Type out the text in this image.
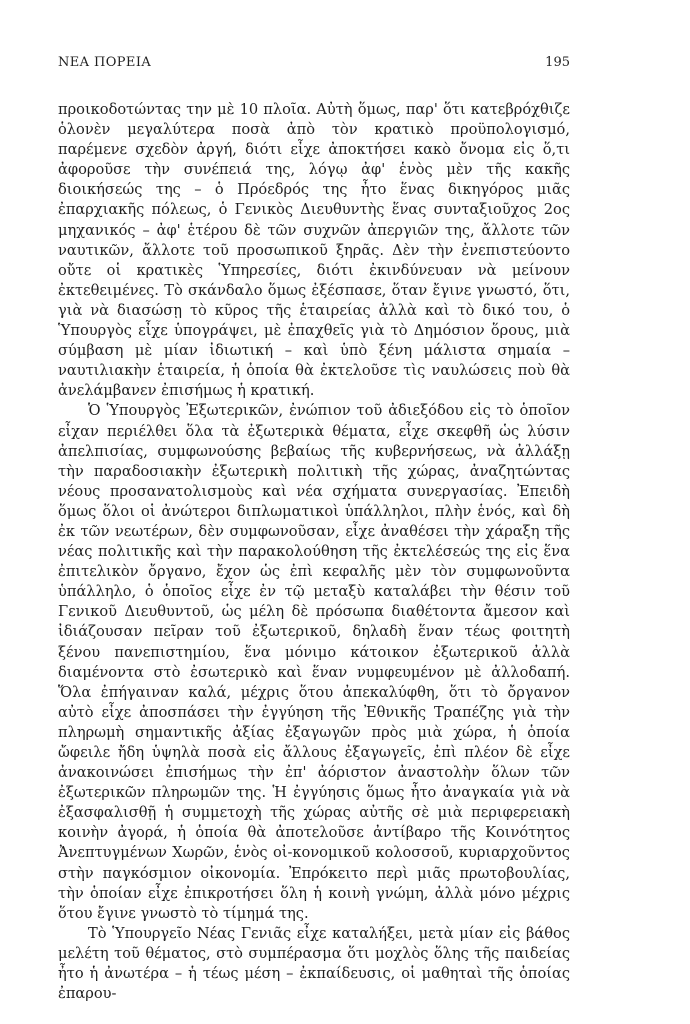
ΝΕΑ ΠΟΡΕΙΑ	195

προικοδοτώντας την μὲ 10 πλοῖα. Αὐτὴ ὅμως, παρ' ὅτι κατεβρόχθιζε ὁλονὲν μεγαλύτερα ποσὰ ἀπὸ τὸν κρατικὸ προϋπολογισμό, παρέμενε σχεδὸν ἀργή, διότι εἶχε ἀποκτήσει κακὸ ὄνομα εἰς ὅ,τι ἀφοροῦσε τὴν συνέπειά της, λόγῳ ἀφ' ἑνὸς μὲν τῆς κακῆς διοικήσεώς της – ὁ Πρόεδρός της ἦτο ἕνας δικηγόρος μιᾶς ἐπαρχιακῆς πόλεως, ὁ Γενικὸς Διευθυντὴς ἕνας συνταξιοῦχος 2ος μηχανικός – ἀφ' ἑτέρου δὲ τῶν συχνῶν ἀπεργιῶν της, ἄλλοτε τῶν ναυτικῶν, ἄλλοτε τοῦ προσωπικοῦ ξηρᾶς. Δὲν τὴν ἐνεπιστεύοντο οὔτε οἱ κρατικὲς Ὑπηρεσίες, διότι ἐκινδύνευαν νὰ μείνουν ἐκτεθειμένες. Τὸ σκάνδαλο ὅμως ἐξέσπασε, ὅταν ἔγινε γνωστό, ὅτι, γιὰ νὰ διασώσῃ τὸ κῦρος τῆς ἑταιρείας ἀλλὰ καὶ τὸ δικό του, ὁ Ὑπουργὸς εἶχε ὑπογράψει, μὲ ἐπαχθεῖς γιὰ τὸ Δημόσιον ὅρους, μιὰ σύμβαση μὲ μίαν ἰδιωτική – καὶ ὑπὸ ξένη μάλιστα σημαία – ναυτιλιακὴν ἑταιρεία, ἡ ὁποία θὰ ἐκτελοῦσε τὶς ναυλώσεις ποὺ θὰ ἀνελάμβανεν ἐπισήμως ἡ κρατική.

Ὁ Ὑπουργὸς Ἐξωτερικῶν, ἐνώπιον τοῦ ἀδιεξόδου εἰς τὸ ὁποῖον εἶχαν περιέλθει ὅλα τὰ ἐξωτερικὰ θέματα, εἶχε σκεφθῆ ὡς λύσιν ἀπελπισίας, συμφωνούσης βεβαίως τῆς κυβερνήσεως, νὰ ἀλλάξῃ τὴν παραδοσιακὴν ἐξωτερικὴ πολιτικὴ τῆς χώρας, ἀναζητώντας νέους προσανατολισμοὺς καὶ νέα σχήματα συνεργασίας. Ἐπειδὴ ὅμως ὅλοι οἱ ἀνώτεροι διπλωματικοὶ ὑπάλληλοι, πλὴν ἑνός, καὶ δὴ ἐκ τῶν νεωτέρων, δὲν συμφωνοῦσαν, εἶχε ἀναθέσει τὴν χάραξη τῆς νέας πολιτικῆς καὶ τὴν παρακολούθηση τῆς ἐκτελέσεώς της εἰς ἕνα ἐπιτελικὸν ὄργανο, ἔχον ὡς ἐπὶ κεφαλῆς μὲν τὸν συμφωνοῦντα ὑπάλληλο, ὁ ὁποῖος εἶχε ἐν τῷ μεταξὺ καταλάβει τὴν θέσιν τοῦ Γενικοῦ Διευθυντοῦ, ὡς μέλη δὲ πρόσωπα διαθέτοντα ἄμεσον καὶ ἰδιάζουσαν πεῖραν τοῦ ἐξωτερικοῦ, δηλαδὴ ἕναν τέως φοιτητὴ ξένου πανεπιστημίου, ἕνα μόνιμο κάτοικον ἐξωτερικοῦ ἀλλὰ διαμένοντα στὸ ἐσωτερικὸ καὶ ἕναν νυμφευμένον μὲ ἀλλοδαπή. Ὅλα ἐπήγαιναν καλά, μέχρις ὅτου ἀπεκαλύφθη, ὅτι τὸ ὄργανον αὐτὸ εἶχε ἀποσπάσει τὴν ἐγγύηση τῆς Ἐθνικῆς Τραπέζης γιὰ τὴν πληρωμὴ σημαντικῆς ἀξίας ἐξαγωγῶν πρὸς μιὰ χώρα, ἡ ὁποία ὤφειλε ἤδη ὑψηλὰ ποσὰ εἰς ἄλλους ἐξαγωγεῖς, ἐπὶ πλέον δὲ εἶχε ἀνακοινώσει ἐπισήμως τὴν ἐπ' ἀόριστον ἀναστολὴν ὅλων τῶν ἐξωτερικῶν πληρωμῶν της. Ἡ ἐγγύησις ὅμως ἦτο ἀναγκαία γιὰ νὰ ἐξασφαλισθῇ ἡ συμμετοχὴ τῆς χώρας αὐτῆς σὲ μιὰ περιφερειακὴ κοινὴν ἀγορά, ἡ ὁποία θὰ ἀποτελοῦσε ἀντίβαρο τῆς Κοινότητος Ἀνεπτυγμένων Χωρῶν, ἑνὸς οἰ-κονομικοῦ κολοσσοῦ, κυριαρχοῦντος στὴν παγκόσμιον οἰκονομία. Ἐπρόκειτο περὶ μιᾶς πρωτοβουλίας, τὴν ὁποίαν εἶχε ἐπικροτήσει ὅλη ἡ κοινὴ γνώμη, ἀλλὰ μόνο μέχρις ὅτου ἔγινε γνωστὸ τὸ τίμημά της.

Τὸ Ὑπουργεῖο Νέας Γενιᾶς εἶχε καταλήξει, μετὰ μίαν εἰς βάθος μελέτη τοῦ θέματος, στὸ συμπέρασμα ὅτι μοχλὸς ὅλης τῆς παιδείας ἦτο ἡ ἀνωτέρα – ἡ τέως μέση – ἐκπαίδευσις, οἱ μαθηταὶ τῆς ὁποίας ἐπαρου-
